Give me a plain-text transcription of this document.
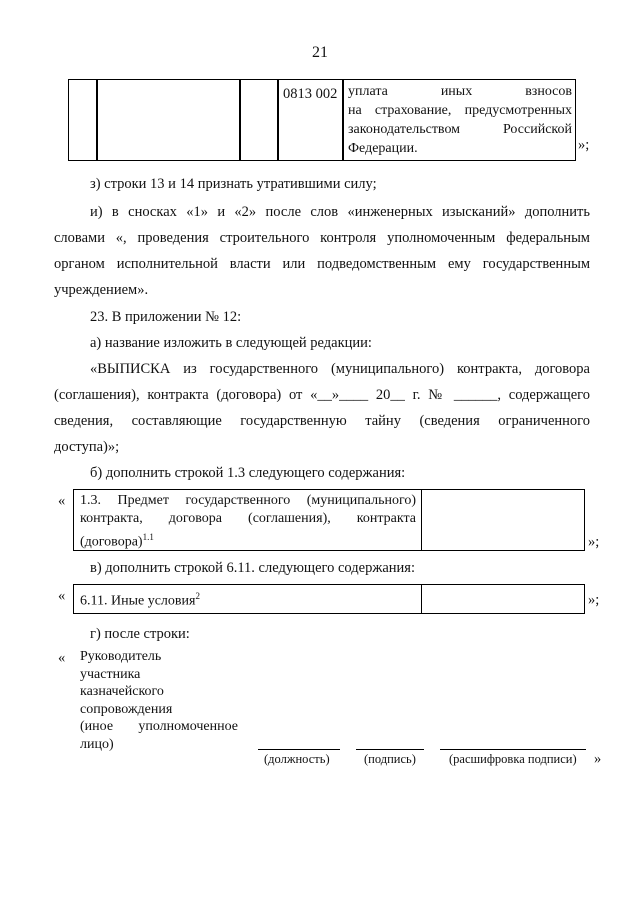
21
0813 002 уплата иных взносов
на страхование, предусмотренных
законодательством Российской
Федерации.	»;
з) строки 13 и 14 признать утратившими силу;
и) в сносках «1» и «2» после слов «инженерных изысканий» дополнить
словами «, проведения строительного контроля уполномоченным федеральным
органом исполнительной власти или подведомственным ему государственным
учреждением».
23. В приложении № 12:
а) название изложить в следующей редакции:
«ВЫПИСКА из государственного (муниципального) контракта, договора
(соглашения), контракта (договора) от «__»____ 20__ г. № ______, содержащего
сведения, составляющие государственную тайну (сведения ограниченного
доступа)»;
б) дополнить строкой 1.3 следующего содержания:
« 1.3. Предмет государственного (муниципального)
контракта, договора (соглашения), контракта
(договора)$^{1.1}$	»;
в) дополнить строкой 6.11. следующего содержания:
« 6.11. Иные условия$^2$	»;
г) после строки:
« Руководитель
участника
казначейского
сопровождения
(иное уполномоченное
лицо)
(должность)	(подпись)	(расшифровка подписи) »
